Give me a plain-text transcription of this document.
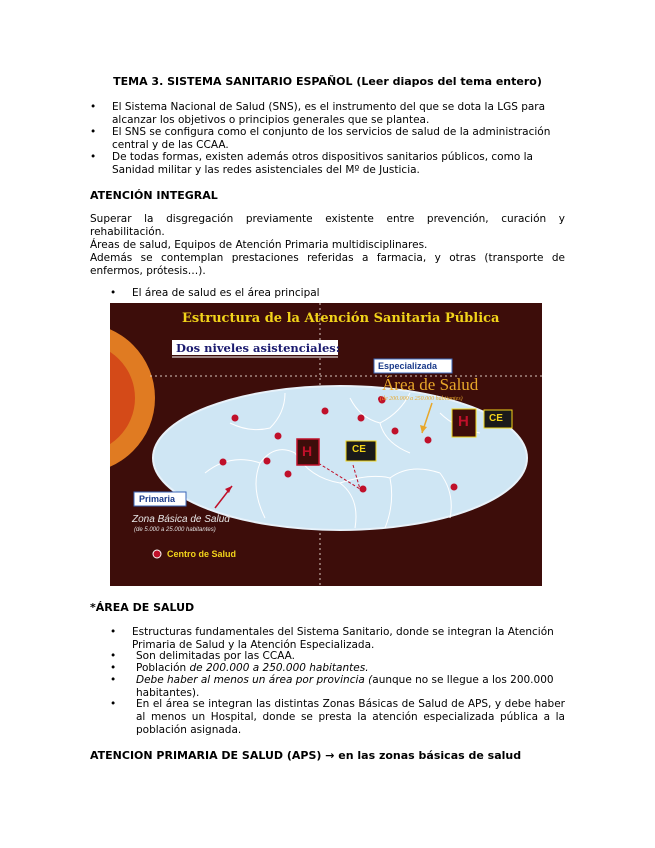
TEMA 3. SISTEMA SANITARIO ESPAÑOL (Leer diapos del tema entero)
• El Sistema Nacional de Salud (SNS), es el instrumento del que se dota la LGS para alcanzar los objetivos o principios generales que se plantea.
• El SNS se configura como el conjunto de los servicios de salud de la administración central y de las CCAA.
• De todas formas, existen además otros dispositivos sanitarios públicos, como la Sanidad militar y las redes asistenciales del Mº de Justicia.
ATENCIÓN INTEGRAL
Superar la disgregación previamente existente entre prevención, curación y rehabilitación.
Áreas de salud, Equipos de Atención Primaria multidisciplinares.
Además se contemplan prestaciones referidas a farmacia, y otras (transporte de enfermos, prótesis…).
• El área de salud es el área principal
Estructura de la Atención Sanitaria Pública
Dos niveles asistenciales:
Especializada
Área de Salud
(de 200.000 a 250.000 habitantes)
H	CE
H CE
Primaria
Zona Básica de Salud
(de 5.000 a 25.000 habitantes)
Centro de Salud
*ÁREA DE SALUD
• Estructuras fundamentales del Sistema Sanitario, donde se integran la Atención Primaria de Salud y la Atención Especializada.
• Son delimitadas por las CCAA.
• Población de 200.000 a 250.000 habitantes.
• Debe haber al menos un área por provincia (aunque no se llegue a los 200.000 habitantes).
• En el área se integran las distintas Zonas Básicas de Salud de APS, y debe haber al menos un Hospital, donde se presta la atención especializada pública a la población asignada.
ATENCION PRIMARIA DE SALUD (APS) → en las zonas básicas de salud
